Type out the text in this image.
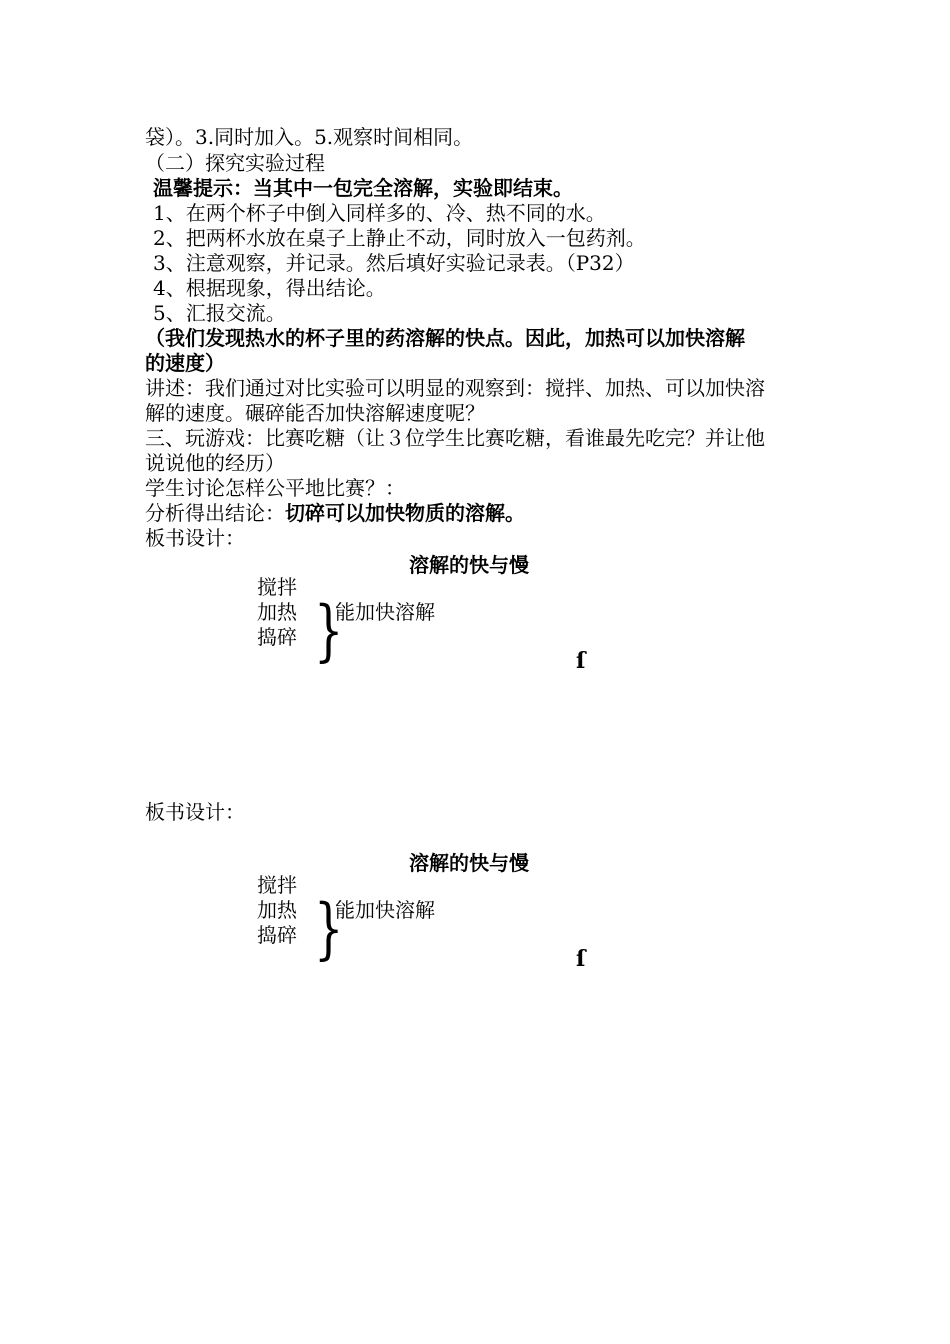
袋）。3.同时加入。5.观察时间相同。
（二）探究实验过程
温馨提示：当其中一包完全溶解，实验即结束。
1、在两个杯子中倒入同样多的、冷、热不同的水。
2、把两杯水放在桌子上静止不动，同时放入一包药剂。
3、注意观察，并记录。然后填好实验记录表。（P32）
4、根据现象，得出结论。
5、汇报交流。
（我们发现热水的杯子里的药溶解的快点。因此，加热可以加快溶解
的速度）
讲述：我们通过对比实验可以明显的观察到：搅拌、加热、可以加快溶
解的速度。碾碎能否加快溶解速度呢？
三、玩游戏：比赛吃糖（让３位学生比赛吃糖，看谁最先吃完？并让他
说说他的经历）
学生讨论怎样公平地比赛？：
分析得出结论：切碎可以加快物质的溶解。
板书设计：
溶解的快与慢
搅拌
加热
捣碎 }
能加快溶解
ſ
板书设计：
溶解的快与慢
搅拌
加热
捣碎 }
能加快溶解
ſ
